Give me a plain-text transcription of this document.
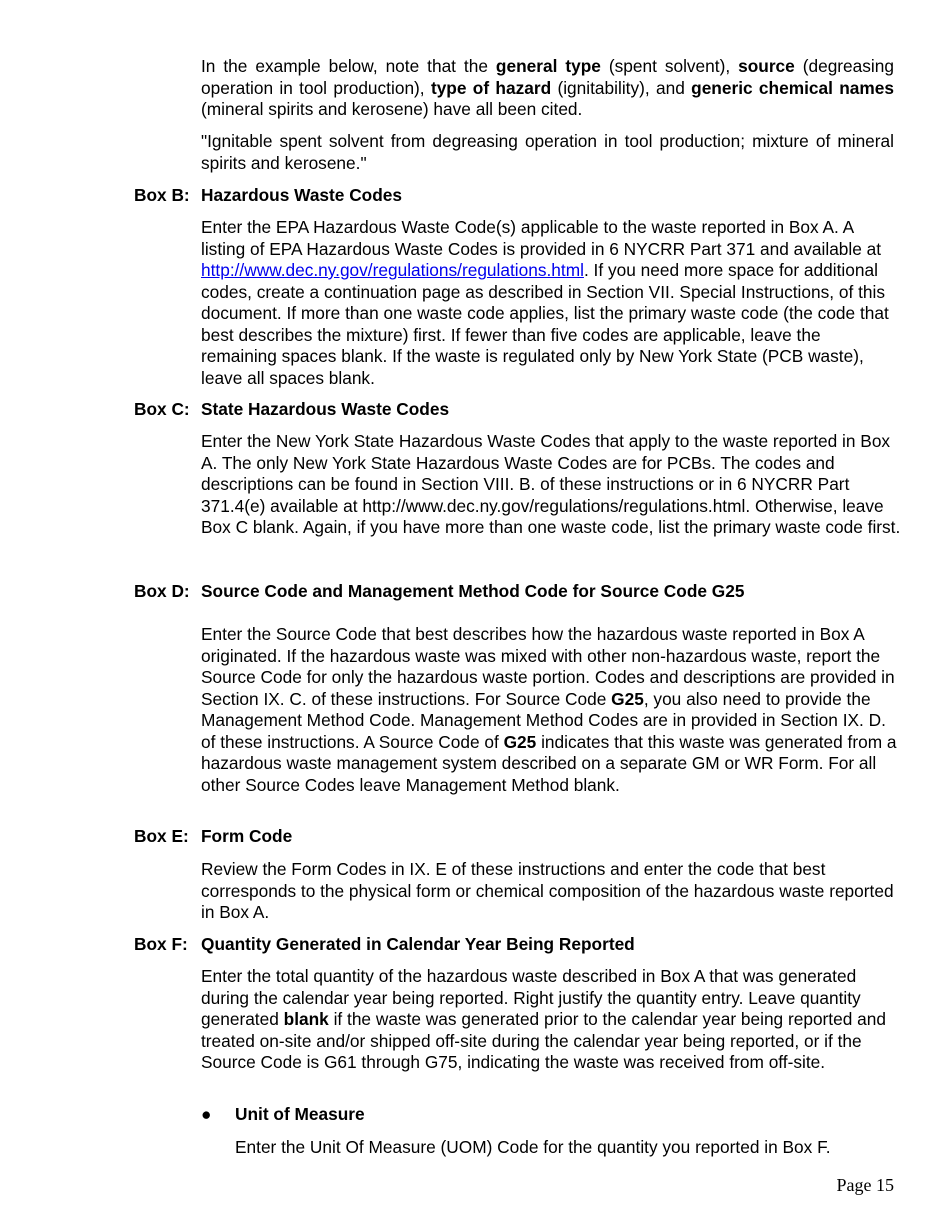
In the example below, note that the general type (spent solvent), source (degreasing operation in tool production), type of hazard (ignitability), and generic chemical names (mineral spirits and kerosene) have all been cited.

"Ignitable spent solvent from degreasing operation in tool production; mixture of mineral spirits and kerosene."

Box B: Hazardous Waste Codes

Enter the EPA Hazardous Waste Code(s) applicable to the waste reported in Box A. A listing of EPA Hazardous Waste Codes is provided in 6 NYCRR Part 371 and available at http://www.dec.ny.gov/regulations/regulations.html. If you need more space for additional codes, create a continuation page as described in Section VII. Special Instructions, of this document. If more than one waste code applies, list the primary waste code (the code that best describes the mixture) first. If fewer than five codes are applicable, leave the remaining spaces blank. If the waste is regulated only by New York State (PCB waste), leave all spaces blank.

Box C: State Hazardous Waste Codes

Enter the New York State Hazardous Waste Codes that apply to the waste reported in Box A. The only New York State Hazardous Waste Codes are for PCBs. The codes and descriptions can be found in Section VIII. B. of these instructions or in 6 NYCRR Part 371.4(e) available at http://www.dec.ny.gov/regulations/regulations.html. Otherwise, leave Box C blank. Again, if you have more than one waste code, list the primary waste code first.

Box D: Source Code and Management Method Code for Source Code G25

Enter the Source Code that best describes how the hazardous waste reported in Box A originated. If the hazardous waste was mixed with other non-hazardous waste, report the Source Code for only the hazardous waste portion. Codes and descriptions are provided in Section IX. C. of these instructions. For Source Code G25, you also need to provide the Management Method Code. Management Method Codes are in provided in Section IX. D. of these instructions. A Source Code of G25 indicates that this waste was generated from a hazardous waste management system described on a separate GM or WR Form. For all other Source Codes leave Management Method blank.

Box E: Form Code

Review the Form Codes in IX. E of these instructions and enter the code that best corresponds to the physical form or chemical composition of the hazardous waste reported in Box A.

Box F: Quantity Generated in Calendar Year Being Reported

Enter the total quantity of the hazardous waste described in Box A that was generated during the calendar year being reported. Right justify the quantity entry. Leave quantity generated blank if the waste was generated prior to the calendar year being reported and treated on-site and/or shipped off-site during the calendar year being reported, or if the Source Code is G61 through G75, indicating the waste was received from off-site.

● Unit of Measure

Enter the Unit Of Measure (UOM) Code for the quantity you reported in Box F.

Page 15
